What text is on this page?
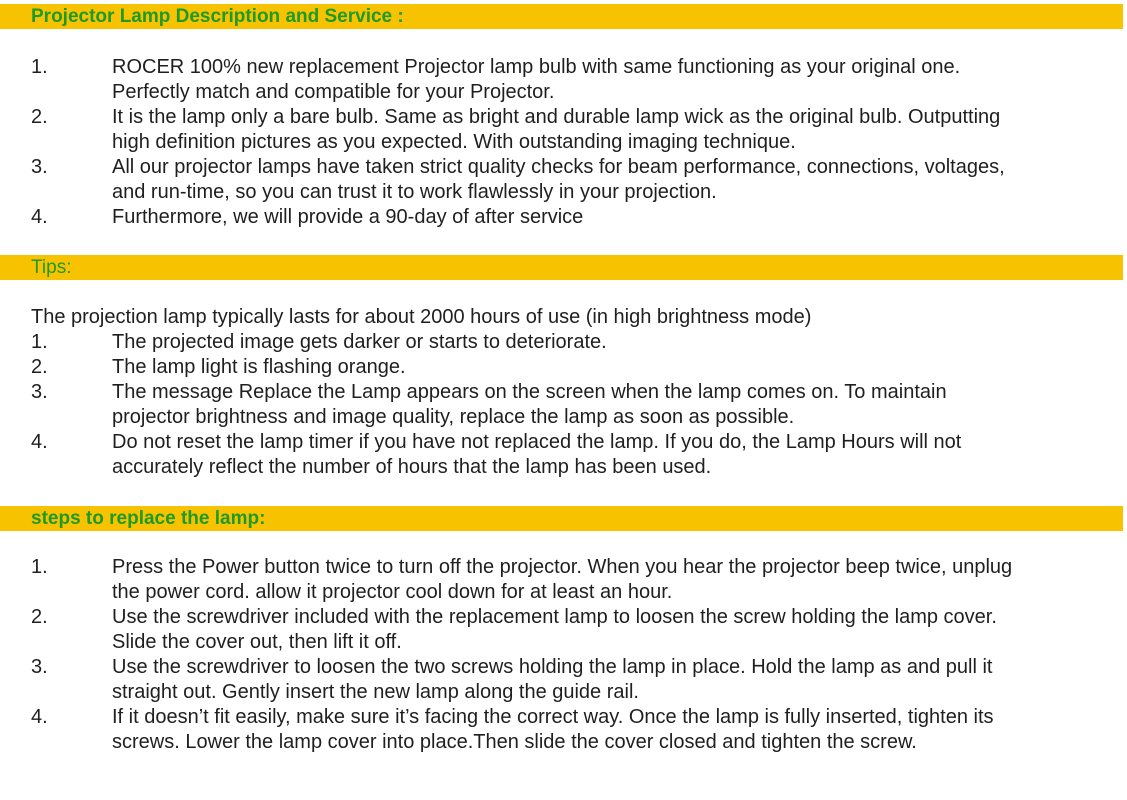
Projector Lamp Description and Service :
1.	ROCER 100% new replacement Projector lamp bulb with same functioning as your original one.
Perfectly match and compatible for your Projector.
2.	It is the lamp only a bare bulb. Same as bright and durable lamp wick as the original bulb. Outputting
high definition pictures as you expected. With outstanding imaging technique.
3.	All our projector lamps have taken strict quality checks for beam performance, connections, voltages,
and run-time, so you can trust it to work flawlessly in your projection.
4.	Furthermore, we will provide a 90-day of after service
Tips:
The projection lamp typically lasts for about 2000 hours of use (in high brightness mode)
1.	The projected image gets darker or starts to deteriorate.
2.	The lamp light is flashing orange.
3.	The message Replace the Lamp appears on the screen when the lamp comes on. To maintain
projector brightness and image quality, replace the lamp as soon as possible.
4.	Do not reset the lamp timer if you have not replaced the lamp. If you do, the Lamp Hours will not
accurately reflect the number of hours that the lamp has been used.
steps to replace the lamp:
1.	Press the Power button twice to turn off the projector. When you hear the projector beep twice, unplug
the power cord. allow it projector cool down for at least an hour.
2.	Use the screwdriver included with the replacement lamp to loosen the screw holding the lamp cover.
Slide the cover out, then lift it off.
3.	Use the screwdriver to loosen the two screws holding the lamp in place. Hold the lamp as and pull it
straight out. Gently insert the new lamp along the guide rail.
4.	If it doesn’t fit easily, make sure it’s facing the correct way. Once the lamp is fully inserted, tighten its
screws. Lower the lamp cover into place.Then slide the cover closed and tighten the screw.
